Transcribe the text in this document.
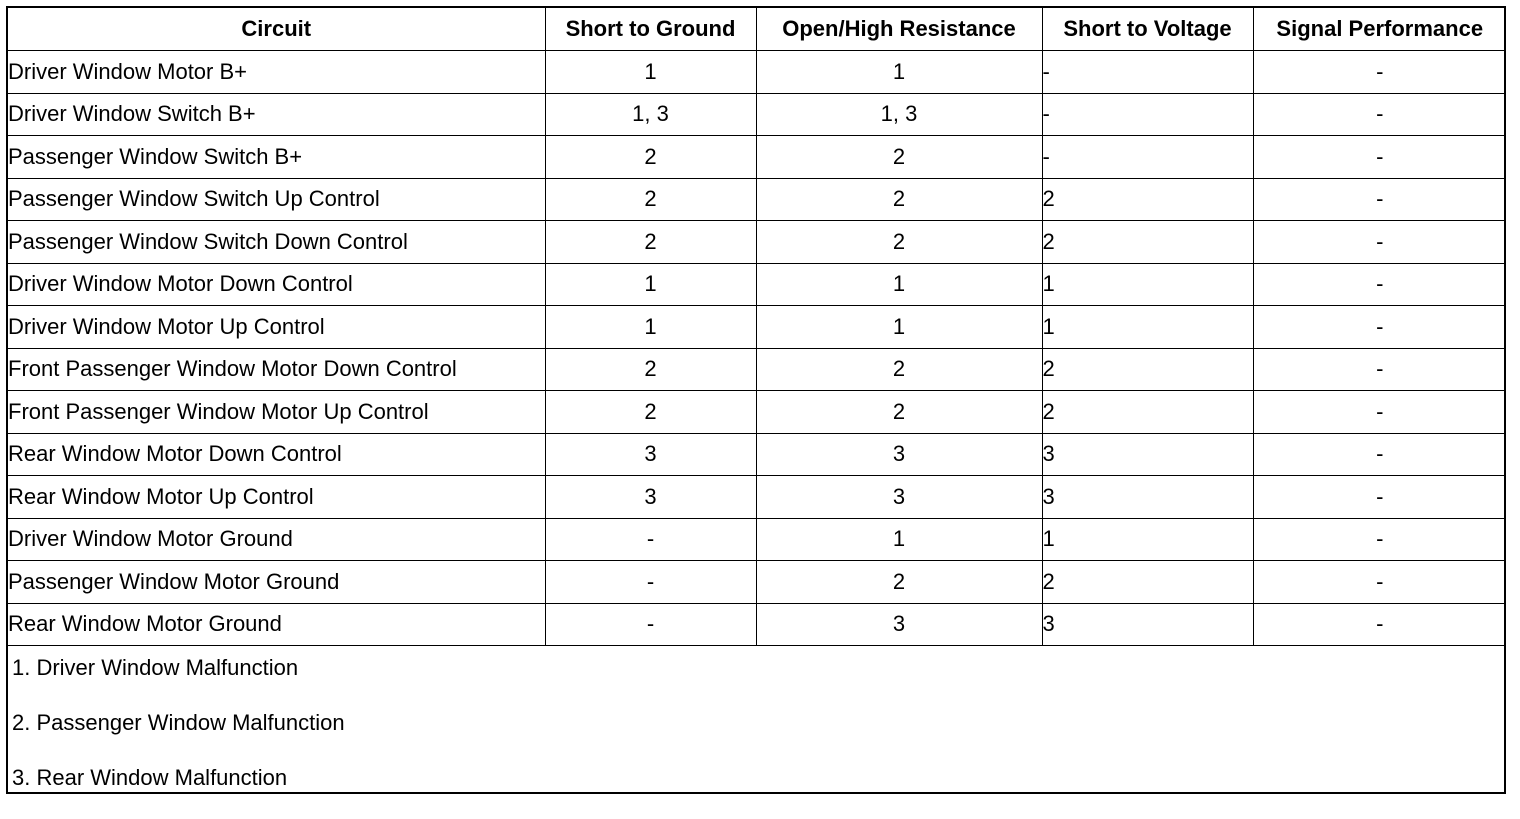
Circuit	Short to Ground	Open/High Resistance	Short to Voltage	Signal Performance
Driver Window Motor B+	1	1	-	-
Driver Window Switch B+	1, 3	1, 3	-	-
Passenger Window Switch B+	2	2	-	-
Passenger Window Switch Up Control	2	2	2	-
Passenger Window Switch Down Control	2	2	2	-
Driver Window Motor Down Control	1	1	1	-
Driver Window Motor Up Control	1	1	1	-
Front Passenger Window Motor Down Control	2	2	2	-
Front Passenger Window Motor Up Control	2	2	2	-
Rear Window Motor Down Control	3	3	3	-
Rear Window Motor Up Control	3	3	3	-
Driver Window Motor Ground	-	1	1	-
Passenger Window Motor Ground	-	2	2	-
Rear Window Motor Ground	-	3	3	-
1. Driver Window Malfunction
2. Passenger Window Malfunction
3. Rear Window Malfunction
